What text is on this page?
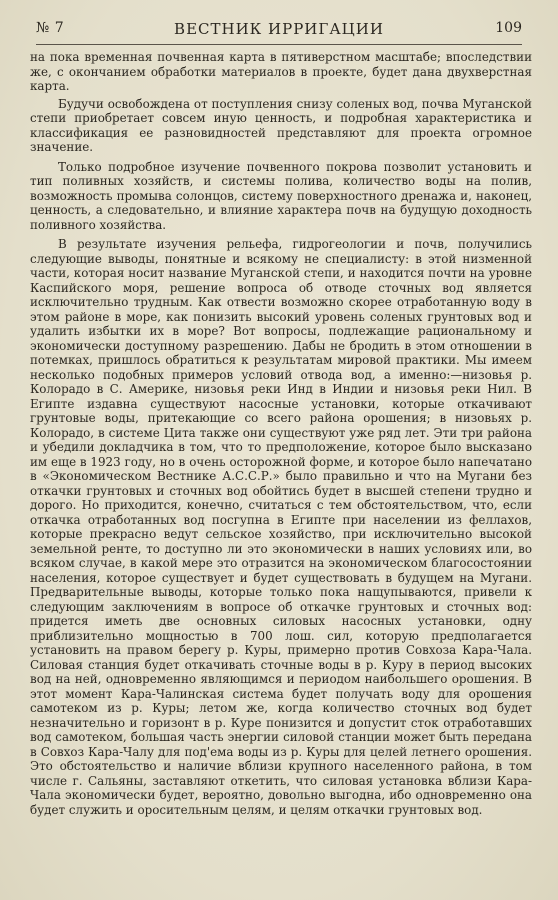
№ 7	ВЕСТНИК ИРРИГАЦИИ	109

на пока временная почвенная карта в пятиверстном масштабе; впоследствии же, с окончанием обработки материалов в проекте, будет дана двухверстная карта.

Будучи освобождена от поступления снизу соленых вод, почва Муганской степи приобретает совсем иную ценность, и подробная характеристика и классификация ее разновидностей представляют для проекта огромное значение.

Только подробное изучение почвенного покрова позволит установить и тип поливных хозяйств, и системы полива, количество воды на полив, возможность промыва солонцов, систему поверхностного дренажа и, наконец, ценность, а следовательно, и влияние характера почв на будущую доходность поливного хозяйства.

В результате изучения рельефа, гидрогеологии и почв, получились следующие выводы, понятные и всякому не специалисту: в этой низменной части, которая носит название Муганской степи, и находится почти на уровне Каспийского моря, решение вопроса об отводе сточных вод является исключительно трудным. Как отвести возможно скорее отработанную воду в этом районе в море, как понизить высокий уровень соленых грунтовых вод и удалить избытки их в море? Вот вопросы, подлежащие рациональному и экономически доступному разрешению. Дабы не бродить в этом отношении в потемках, пришлось обратиться к результатам мировой практики. Мы имеем несколько подобных примеров условий отвода вод, а именно:—низовья р. Колорадо в С. Америке, низовья реки Инд в Индии и низовья реки Нил. В Египте издавна существуют насосные установки, которые откачивают грунтовые воды, притекающие со всего района орошения; в низовьях р. Колорадо, в системе Цита также они существуют уже ряд лет. Эти три района и убедили докладчика в том, что то предположение, которое было высказано им еще в 1923 году, но в очень осторожной форме, и которое было напечатано в «Экономическом Вестнике А.С.С.Р.» было правильно и что на Мугани без откачки грунтовых и сточных вод обойтись будет в высшей степени трудно и дорого. Но приходится, конечно, считаться с тем обстоятельством, что, если откачка отработанных вод посгупна в Египте при населении из феллахов, которые прекрасно ведут сельское хозяйство, при исключительно высокой земельной ренте, то доступно ли это экономически в наших условиях или, во всяком случае, в какой мере это отразится на экономическом благосостоянии населения, которое существует и будет существовать в будущем на Мугани. Предварительные выводы, которые только пока нащупываются, привели к следующим заключениям в вопросе об откачке грунтовых и сточных вод: придется иметь две основных силовых насосных установки, одну приблизительно мощностью в 700 лош. сил, которую предполагается установить на правом берегу р. Куры, примерно против Совхоза Кара-Чала. Силовая станция будет откачивать сточные воды в р. Куру в период высоких вод на ней, одновременно являющимся и периодом наибольшего орошения. В этот момент Кара-Чалинская система будет получать воду для орошения самотеком из р. Куры; летом же, когда количество сточных вод будет незначительно и горизонт в р. Куре понизится и допустит сток отработавших вод самотеком, большая часть энергии силовой станции может быть передана в Совхоз Кара-Чалу для под'ема воды из р. Куры для целей летнего орошения. Это обстоятельство и наличие вблизи крупного населенного района, в том числе г. Сальяны, заставляют откетить, что силовая установка вблизи Кара-Чала экономически будет, вероятно, довольно выгодна, ибо одновременно она будет служить и оросительным целям, и целям откачки грунтовых вод.
